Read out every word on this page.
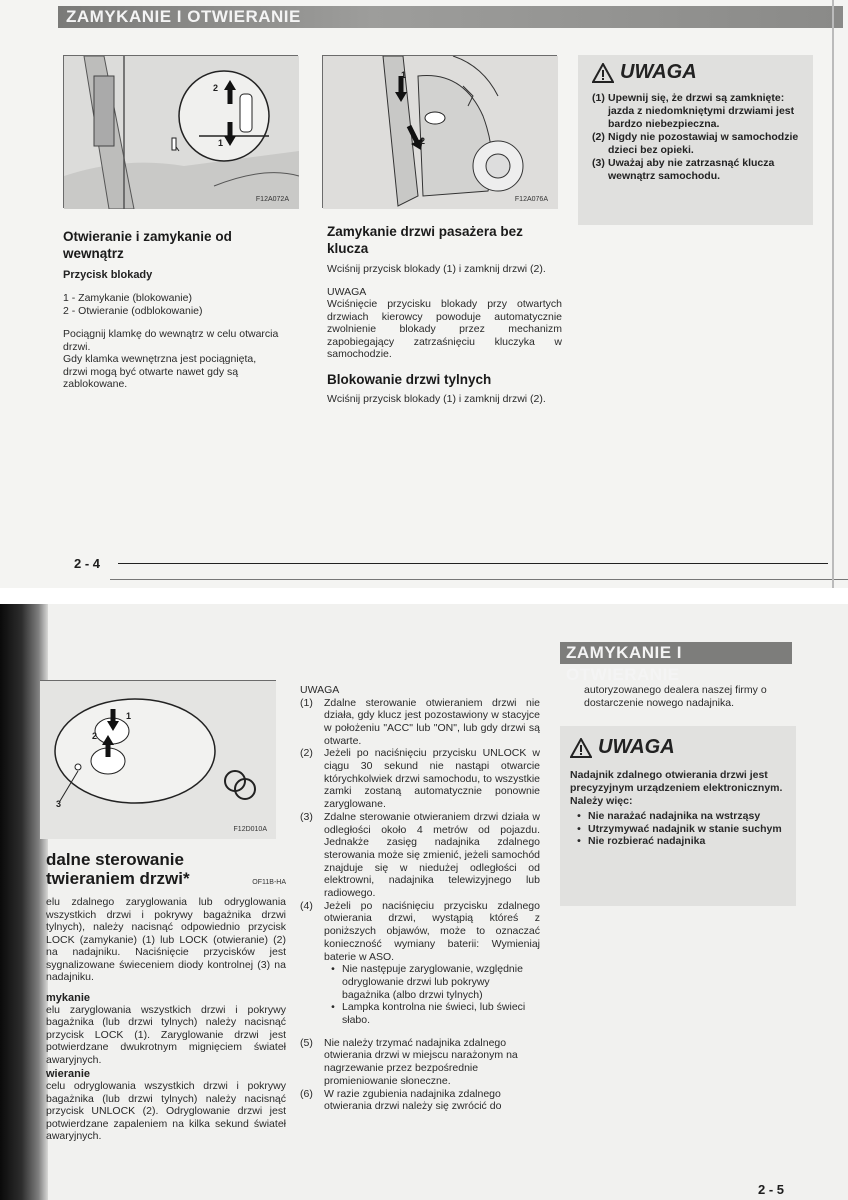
ZAMYKANIE I OTWIERANIE
2
1
F12A072A
1
2
F12A076A

Otwieranie i zamykanie od wewnątrz

Przycisk blokady

1 - Zamykanie (blokowanie)

2 - Otwieranie (odblokowanie)

Pociągnij klamkę do wewnątrz w celu otwarcia drzwi.
Gdy klamka wewnętrzna jest pociągnięta, drzwi mogą być otwarte nawet gdy są zablokowane.

Zamykanie drzwi pasażera bez klucza

Wciśnij przycisk blokady (1) i zamknij drzwi (2).

UWAGA

Wciśnięcie przycisku blokady przy otwartych drzwiach kierowcy powoduje automatycznie zwolnienie blokady przez mechanizm zapobiegający zatrzaśnięciu kluczyka w samochodzie.

Blokowanie drzwi tylnych

Wciśnij przycisk blokady (1) i zamknij drzwi (2).

UWAGA
(1) Upewnij się, że drzwi są zamknięte: jazda z niedomkniętymi drzwiami jest bardzo niebezpieczna.
(2) Nigdy nie pozostawiaj w samochodzie dzieci bez opieki.
(3) Uważaj aby nie zatrzasnąć klucza wewnątrz samochodu.
2 - 4
ZAMYKANIE I OTWIERANIE
1
2
3
F12D010A

dalne sterowanie

twieraniem drzwi*	OF11B-HA

elu zdalnego zaryglowania lub odryglowania wszystkich drzwi i pokrywy bagażnika drzwi tylnych), należy nacisnąć odpowiednio przycisk LOCK (zamykanie) (1) lub LOCK (otwieranie) (2) na nadajniku. Naciśnięcie przycisków jest sygnalizowane świeceniem diody kontrolnej (3) na nadajniku.

mykanie

elu zaryglowania wszystkich drzwi i pokrywy bagażnika (lub drzwi tylnych) należy nacisnąć przycisk LOCK (1). Zaryglowanie drzwi jest potwierdzane dwukrotnym mignięciem świateł awaryjnych.

wieranie

celu odryglowania wszystkich drzwi i pokrywy bagażnika (lub drzwi tylnych) należy nacisnąć przycisk UNLOCK (2). Odryglowanie drzwi jest potwierdzane zapaleniem na kilka sekund świateł awaryjnych.

UWAGA

(1)	Zdalne sterowanie otwieraniem drzwi nie działa, gdy klucz jest pozostawiony w stacyjce w położeniu "ACC" lub "ON", lub gdy drzwi są otwarte.
(2)	Jeżeli po naciśnięciu przycisku UNLOCK w ciągu 30 sekund nie nastąpi otwarcie którychkolwiek drzwi samochodu, to wszystkie zamki zostaną automatycznie ponownie zaryglowane.
(3)	Zdalne sterowanie otwieraniem drzwi działa w odległości około 4 metrów od pojazdu. Jednakże zasięg nadajnika zdalnego sterowania może się zmienić, jeżeli samochód znajduje się w niedużej odległości od elektrowni, nadajnika telewizyjnego lub radiowego.
(4)	Jeżeli po naciśnięciu przycisku zdalnego otwierania drzwi, wystąpią któreś z poniższych objawów, może to oznaczać konieczność wymiany baterii: Wymieniaj baterie w ASO.
• Nie następuje zaryglowanie, względnie odryglowanie drzwi lub pokrywy bagażnika (albo drzwi tylnych)
• Lampka kontrolna nie świeci, lub świeci słabo.
(5)	Nie należy trzymać nadajnika zdalnego otwierania drzwi w miejscu narażonym na nagrzewanie przez bezpośrednie promieniowanie słoneczne.
(6)	W razie zgubienia nadajnika zdalnego otwierania drzwi należy się zwrócić do

autoryzowanego dealera naszej firmy o dostarczenie nowego nadajnika.

UWAGA

Nadajnik zdalnego otwierania drzwi jest precyzyjnym urządzeniem elektronicznym. Należy więc:

• Nie narażać nadajnika na wstrząsy
• Utrzymywać nadajnik w stanie suchym
• Nie rozbierać nadajnika
2 - 5
